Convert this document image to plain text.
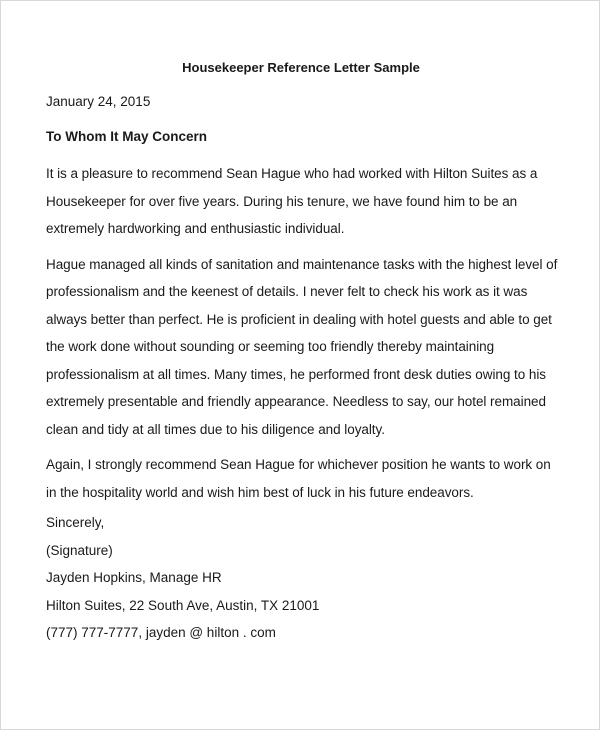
Housekeeper Reference Letter Sample
January 24, 2015
To Whom It May Concern

It is a pleasure to recommend Sean Hague who had worked with Hilton Suites as a Housekeeper for over five years. During his tenure, we have found him to be an extremely hardworking and enthusiastic individual.

Hague managed all kinds of sanitation and maintenance tasks with the highest level of professionalism and the keenest of details. I never felt to check his work as it was always better than perfect. He is proficient in dealing with hotel guests and able to get the work done without sounding or seeming too friendly thereby maintaining professionalism at all times. Many times, he performed front desk duties owing to his extremely presentable and friendly appearance. Needless to say, our hotel remained clean and tidy at all times due to his diligence and loyalty.

Again, I strongly recommend Sean Hague for whichever position he wants to work on in the hospitality world and wish him best of luck in his future endeavors.

Sincerely,
(Signature)
Jayden Hopkins, Manage HR
Hilton Suites, 22 South Ave, Austin, TX 21001
(777) 777-7777, jayden @ hilton . com
